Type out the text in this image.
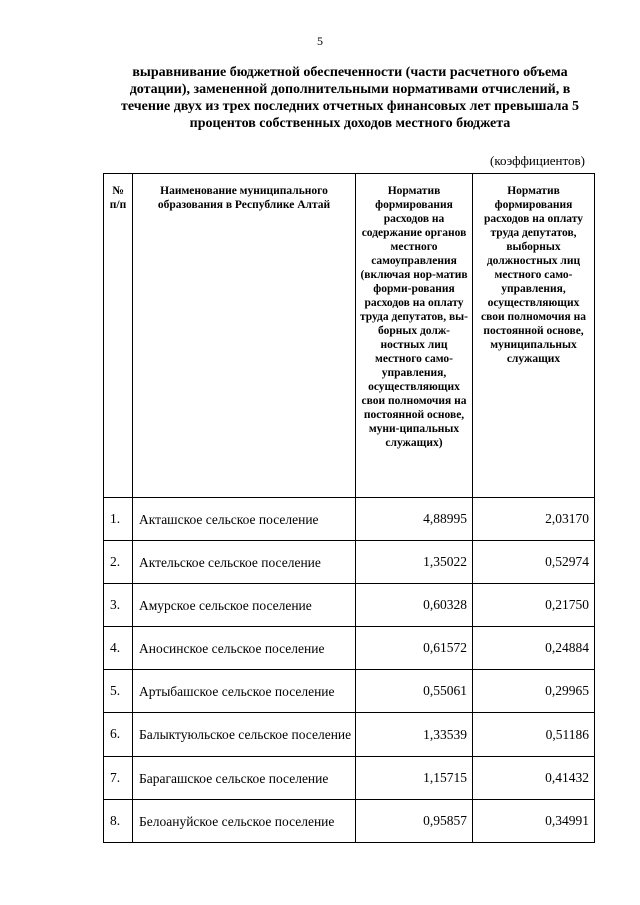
5
выравнивание бюджетной обеспеченности (части расчетного объема дотации), замененной дополнительными нормативами отчислений, в течение двух из трех последних отчетных финансовых лет превышала 5 процентов собственных доходов местного бюджета
(коэффициентов)
№ п/п	Наименование муниципального образования в Республике Алтай	Норматив формирования расходов на содержание органов местного самоуправления (включая нор-матив форми-рования расходов на оплату труда депутатов, вы-борных долж-ностных лиц местного само-управления, осуществляющих свои полномочия на постоянной основе, муни-ципальных служащих)	Норматив формирования расходов на оплату труда депутатов, выборных должностных лиц местного само-управления, осуществляющих свои полномочия на постоянной основе, муниципальных служащих
1.	Акташское сельское поселение	4,88995	2,03170
2.	Актельское сельское поселение	1,35022	0,52974
3.	Амурское сельское поселение	0,60328	0,21750
4.	Аносинское сельское поселение	0,61572	0,24884
5.	Артыбашское сельское поселение	0,55061	0,29965
6.	Балыктуюльское сельское поселение	1,33539	0,51186
7.	Барагашское сельское поселение	1,15715	0,41432
8.	Белоануйское сельское поселение	0,95857	0,34991
